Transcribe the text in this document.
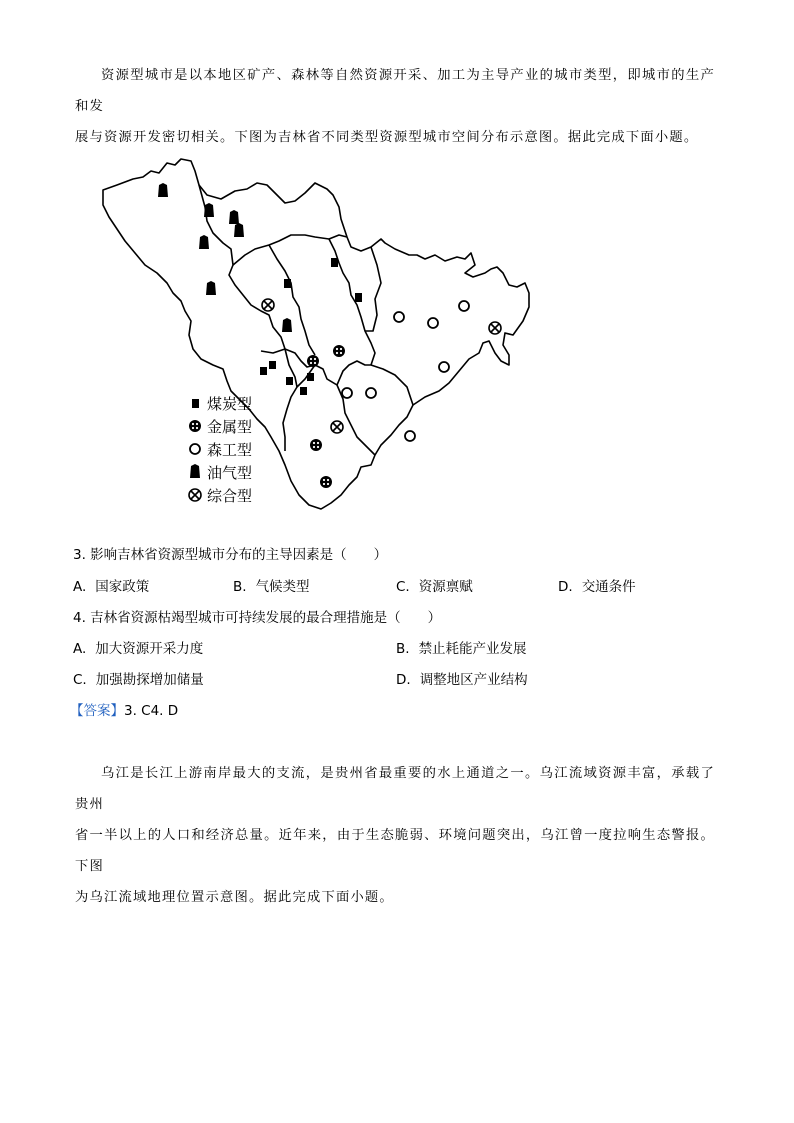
资源型城市是以本地区矿产、森林等自然资源开采、加工为主导产业的城市类型，即城市的生产和发
展与资源开发密切相关。下图为吉林省不同类型资源型城市空间分布示意图。据此完成下面小题。
煤炭型
金属型
森工型
油气型
综合型
3. 影响吉林省资源型城市分布的主导因素是（　　）
A. 国家政策	B. 气候类型	C. 资源禀赋	D. 交通条件
4. 吉林省资源枯竭型城市可持续发展的最合理措施是（　　）
A. 加大资源开采力度	B. 禁止耗能产业发展
C. 加强勘探增加储量	D. 调整地区产业结构
【答案】3. C4. D
乌江是长江上游南岸最大的支流，是贵州省最重要的水上通道之一。乌江流域资源丰富，承载了贵州
省一半以上的人口和经济总量。近年来，由于生态脆弱、环境问题突出，乌江曾一度拉响生态警报。下图
为乌江流域地理位置示意图。据此完成下面小题。
